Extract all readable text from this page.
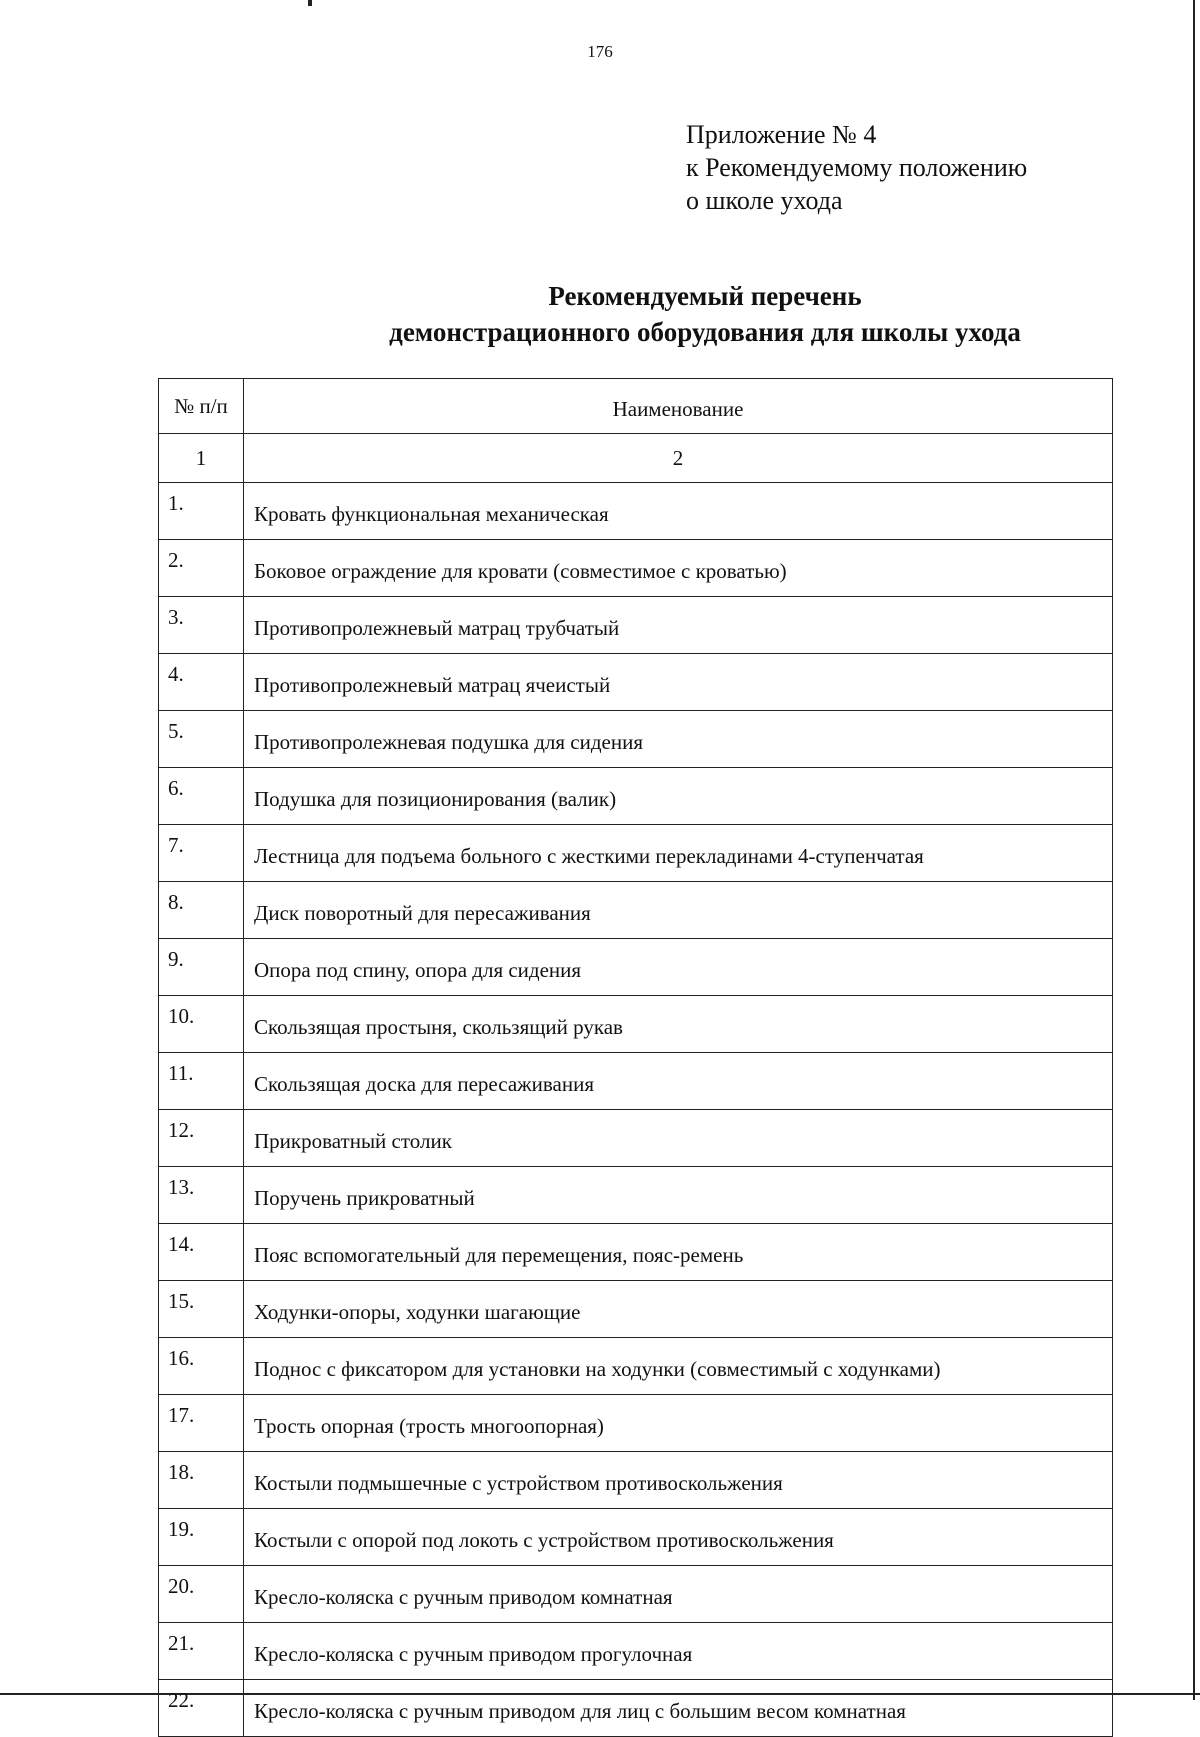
176
Приложение № 4
к Рекомендуемому положению
о школе ухода
Рекомендуемый перечень
демонстрационного оборудования для школы ухода
№ п/п	Наименование
1	2
1.	Кровать функциональная механическая
2.	Боковое ограждение для кровати (совместимое с кроватью)
3.	Противопролежневый матрац трубчатый
4.	Противопролежневый матрац ячеистый
5.	Противопролежневая подушка для сидения
6.	Подушка для позиционирования (валик)
7.	Лестница для подъема больного с жесткими перекладинами 4-ступенчатая
8.	Диск поворотный для пересаживания
9.	Опора под спину, опора для сидения
10.	Скользящая простыня, скользящий рукав
11.	Скользящая доска для пересаживания
12.	Прикроватный столик
13.	Поручень прикроватный
14.	Пояс вспомогательный для перемещения, пояс-ремень
15.	Ходунки-опоры, ходунки шагающие
16.	Поднос с фиксатором для установки на ходунки (совместимый с ходунками)
17.	Трость опорная (трость многоопорная)
18.	Костыли подмышечные с устройством противоскольжения
19.	Костыли с опорой под локоть с устройством противоскольжения
20.	Кресло-коляска с ручным приводом комнатная
21.	Кресло-коляска с ручным приводом прогулочная
22.	Кресло-коляска с ручным приводом для лиц с большим весом комнатная
